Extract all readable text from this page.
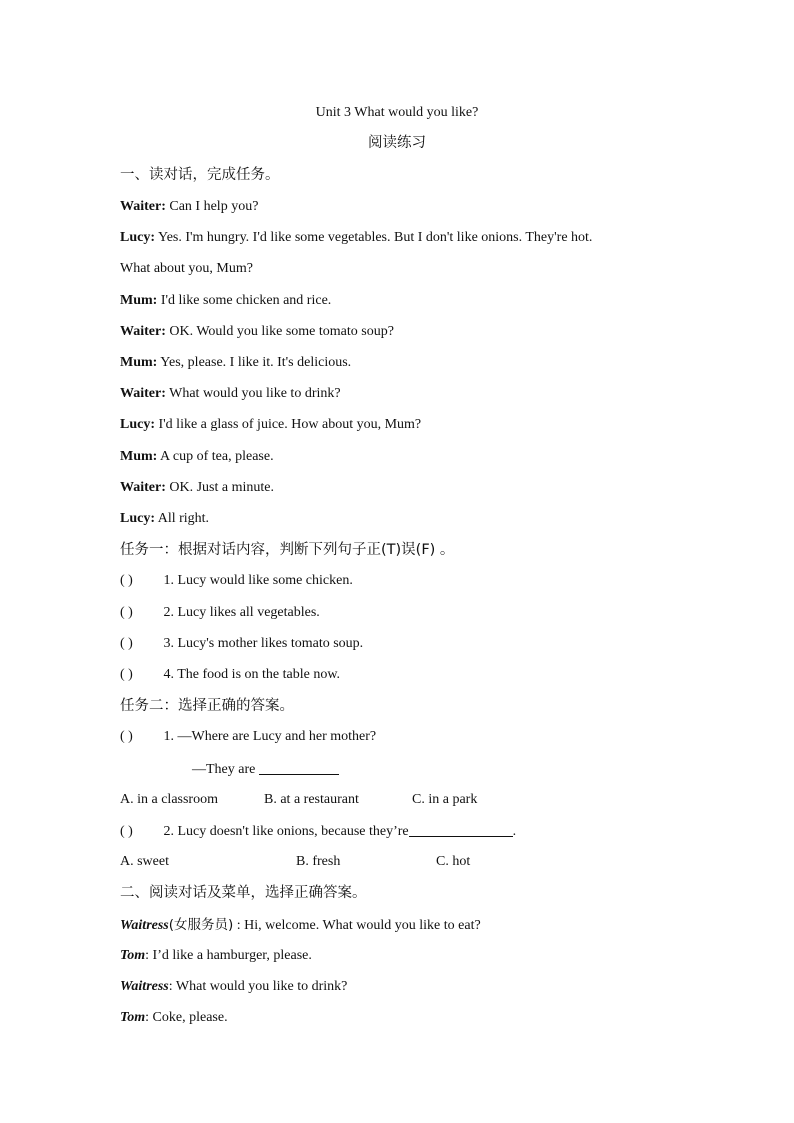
Unit 3 What would you like?
阅读练习
一、读对话，完成任务。
Waiter: Can I help you?
Lucy: Yes. I'm hungry. I'd like some vegetables. But I don't like onions. They're hot.
What about you, Mum?
Mum: I'd like some chicken and rice.
Waiter: OK. Would you like some tomato soup?
Mum: Yes, please. I like it. It's delicious.
Waiter: What would you like to drink?
Lucy: I'd like a glass of juice. How about you, Mum?
Mum: A cup of tea, please.
Waiter: OK. Just a minute.
Lucy: All right.
任务一：根据对话内容，判断下列句子正(T)误(F) 。
( ) 1. Lucy would like some chicken.
( ) 2. Lucy likes all vegetables.
( ) 3. Lucy's mother likes tomato soup.
( ) 4. The food is on the table now.
任务二：选择正确的答案。
( ) 1. —Where are Lucy and her mother?
—They are
A. in a classroom	B. at a restaurant	C. in a park
( ) 2. Lucy doesn't like onions, because they’re	.
A. sweet	B. fresh	C. hot
二、阅读对话及菜单，选择正确答案。
Waitress(女服务员) : Hi, welcome. What would you like to eat?
Tom: I’d like a hamburger, please.
Waitress: What would you like to drink?
Tom: Coke, please.
